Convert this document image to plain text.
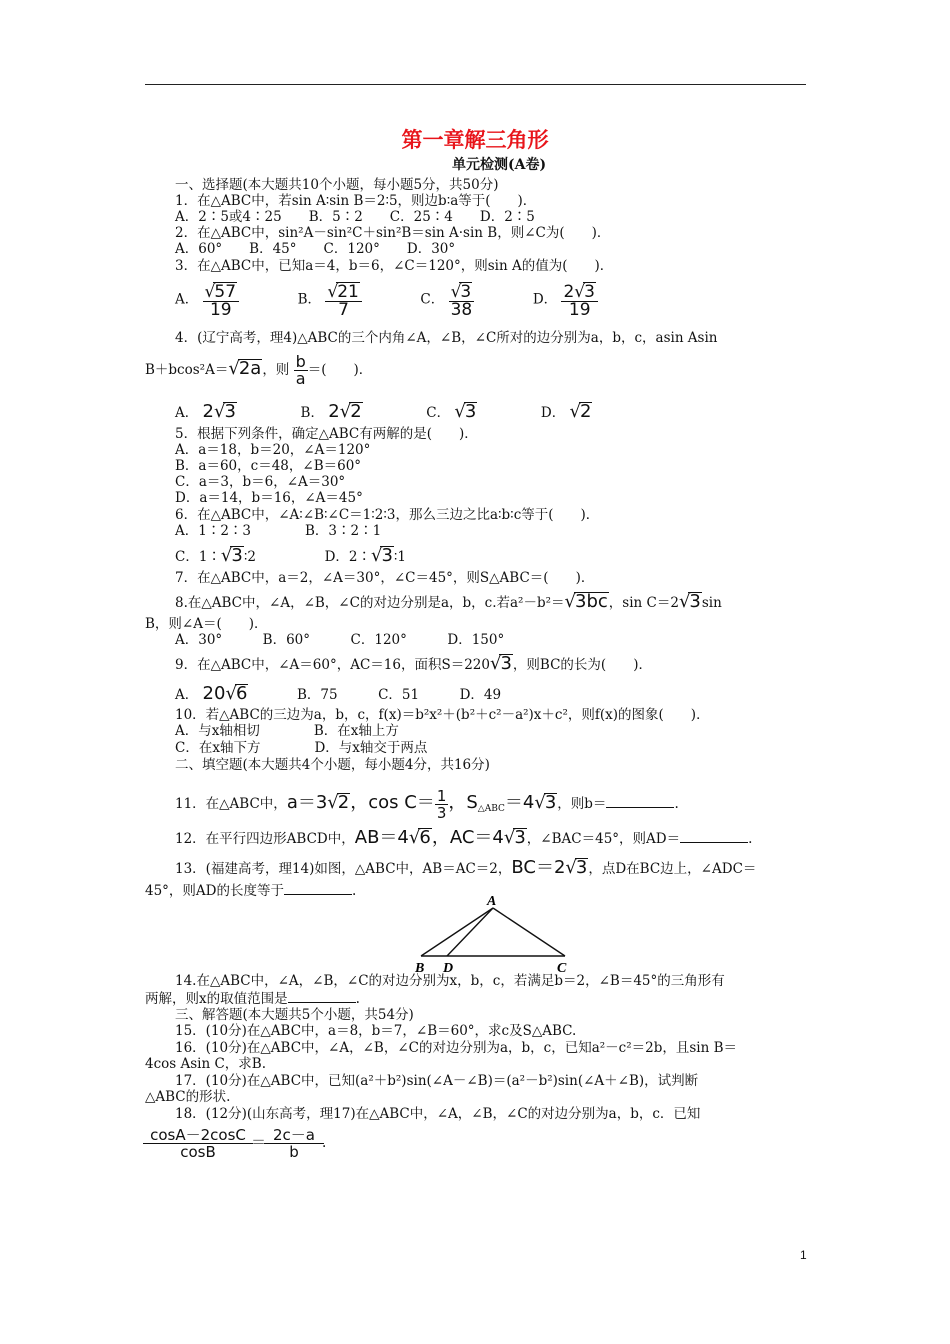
第一章解三角形
单元检测(A卷)
一、选择题(本大题共10个小题，每小题5分，共50分)
1．在△ABC中，若sin A∶sin B＝2∶5，则边b∶a等于(　　)．
A．2∶5或4∶25　　B．5∶2　　C．25∶4　　D．2∶5
2．在△ABC中，sin²A－sin²C＋sin²B＝sin A·sin B，则∠C为(　　)．
A．60°　　B．45°　　C．120°　　D．30°
3．在△ABC中，已知a＝4，b＝6，∠C＝120°，则sin A的值为(　　)．
A． $\frac{√57}{19}$	B． $\frac{√21}{7}$	C． $\frac{√3}{38}$	D． $\frac{2√3}{19}$
4．(辽宁高考，理4)△ABC的三个内角∠A，∠B，∠C所对的边分别为a，b，c，asin Asin
B＋bcos²A＝√2a，则 $\frac{b}{a}$ ＝(　　)．
A． 2√3	B． 2√2	C． √3	D． √2
5．根据下列条件，确定△ABC有两解的是(　　)．
A．a＝18，b＝20，∠A＝120°
B．a＝60，c＝48，∠B＝60°
C．a＝3，b＝6，∠A＝30°
D．a＝14，b＝16，∠A＝45°
6．在△ABC中，∠A∶∠B∶∠C＝1∶2∶3，那么三边之比a∶b∶c等于(　　)．
A．1∶2∶3　　　　B．3∶2∶1
C．1∶√3∶2	D．2∶√3∶1
7．在△ABC中，a＝2，∠A＝30°，∠C＝45°，则S△ABC＝(　　)．
8.在△ABC中，∠A，∠B，∠C的对边分别是a，b，c.若a²－b²＝√3bc，sin C＝2√3sin
B，则∠A＝(　　)．
A．30°　　　B．60°　　　C．120°　　　D．150°
9．在△ABC中，∠A＝60°，AC＝16，面积S＝220√3，则BC的长为(　　)．
A． 20√6	B．75　　　C．51　　　D．49
10．若△ABC的三边为a，b，c，f(x)＝b²x²＋(b²＋c²－a²)x＋c²，则f(x)的图象(　　)．
A．与x轴相切　　　　B．在x轴上方
C．在x轴下方　　　　D．与x轴交于两点
二、填空题(本大题共4个小题，每小题4分，共16分)
11．在△ABC中，a＝3√2，$\cos C= \frac{1}{3}$ ，$S_{\triangle ABC}=4√3$，则b＝	.
12．在平行四边形ABCD中，AB＝4√6，AC＝4√3，∠BAC＝45°，则AD＝	.
13．(福建高考，理14)如图，△ABC中，AB＝AC＝2，BC＝2√3，点D在BC边上，∠ADC＝
45°，则AD的长度等于	.
A
B D	C
14.在△ABC中，∠A，∠B，∠C的对边分别为x，b，c，若满足b＝2，∠B＝45°的三角形有
两解，则x的取值范围是	.
三、解答题(本大题共5个小题，共54分)
15．(10分)在△ABC中，a＝8，b＝7，∠B＝60°，求c及S△ABC.
16．(10分)在△ABC中，∠A，∠B，∠C的对边分别为a，b，c，已知a²－c²＝2b，且sin B＝
4cos Asin C，求B.
17．(10分)在△ABC中，已知(a²＋b²)sin(∠A－∠B)＝(a²－b²)sin(∠A＋∠B)，试判断
△ABC的形状.
18．(12分)(山东高考，理17)在△ABC中，∠A，∠B，∠C的对边分别为a，b，c．已知
$\frac{\cos A-2\cos C}{\cos B} = \frac{2c-a}{b}$ .
1
